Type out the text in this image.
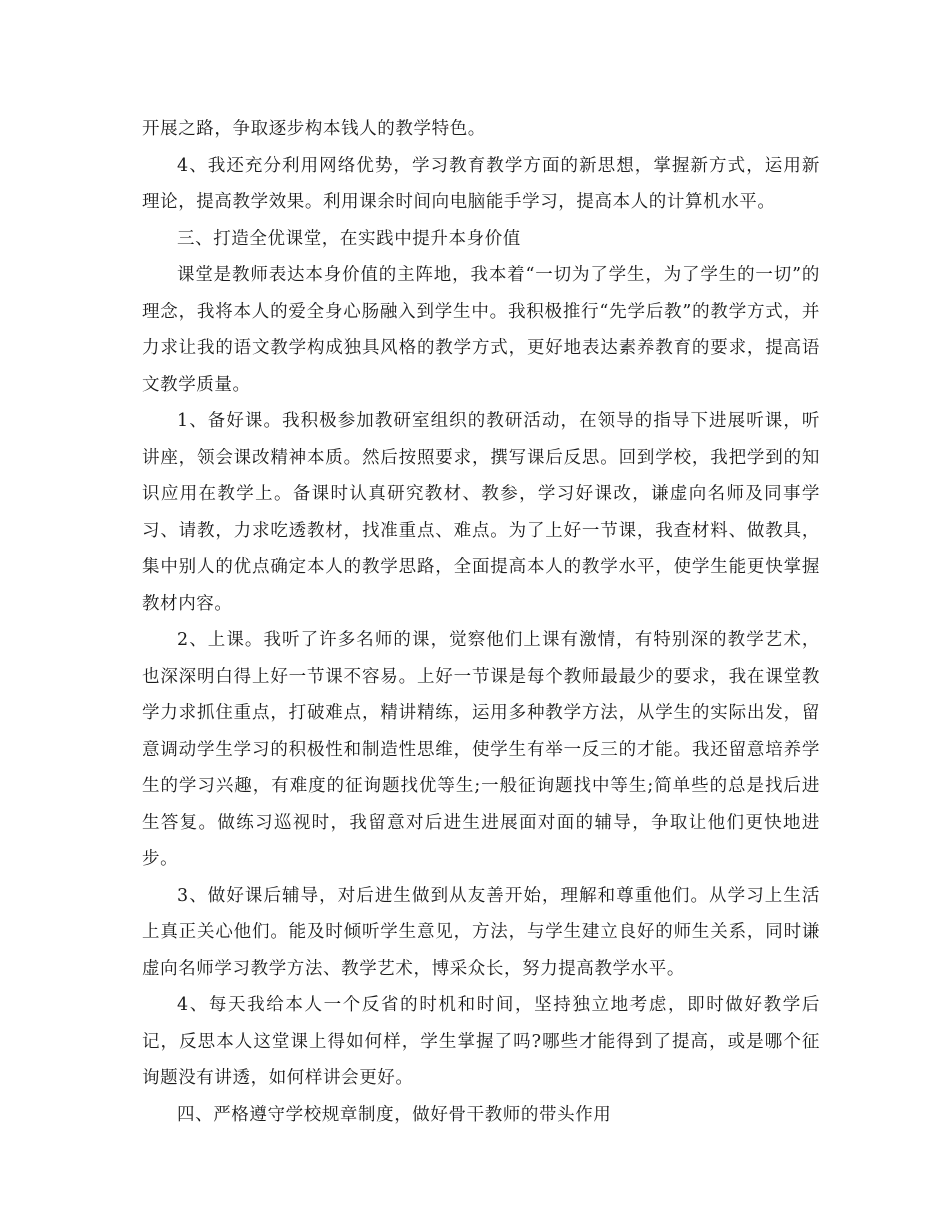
开展之路，争取逐步构本钱人的教学特色。

4、我还充分利用网络优势，学习教育教学方面的新思想，掌握新方式，运用新理论，提高教学效果。利用课余时间向电脑能手学习，提高本人的计算机水平。

三、打造全优课堂，在实践中提升本身价值

课堂是教师表达本身价值的主阵地，我本着“一切为了学生，为了学生的一切”的理念，我将本人的爱全身心肠融入到学生中。我积极推行“先学后教”的教学方式，并力求让我的语文教学构成独具风格的教学方式，更好地表达素养教育的要求，提高语文教学质量。

1、备好课。我积极参加教研室组织的教研活动，在领导的指导下进展听课，听讲座，领会课改精神本质。然后按照要求，撰写课后反思。回到学校，我把学到的知识应用在教学上。备课时认真研究教材、教参，学习好课改，谦虚向名师及同事学习、请教，力求吃透教材，找准重点、难点。为了上好一节课，我查材料、做教具，集中别人的优点确定本人的教学思路，全面提高本人的教学水平，使学生能更快掌握教材内容。

2、上课。我听了许多名师的课，觉察他们上课有激情，有特别深的教学艺术，也深深明白得上好一节课不容易。上好一节课是每个教师最最少的要求，我在课堂教学力求抓住重点，打破难点，精讲精练，运用多种教学方法，从学生的实际出发，留意调动学生学习的积极性和制造性思维，使学生有举一反三的才能。我还留意培养学生的学习兴趣，有难度的征询题找优等生;一般征询题找中等生;简单些的总是找后进生答复。做练习巡视时，我留意对后进生进展面对面的辅导，争取让他们更快地进步。

3、做好课后辅导，对后进生做到从友善开始，理解和尊重他们。从学习上生活上真正关心他们。能及时倾听学生意见，方法，与学生建立良好的师生关系，同时谦虚向名师学习教学方法、教学艺术，博采众长，努力提高教学水平。

4、每天我给本人一个反省的时机和时间，坚持独立地考虑，即时做好教学后记，反思本人这堂课上得如何样，学生掌握了吗?哪些才能得到了提高，或是哪个征询题没有讲透，如何样讲会更好。

四、严格遵守学校规章制度，做好骨干教师的带头作用
